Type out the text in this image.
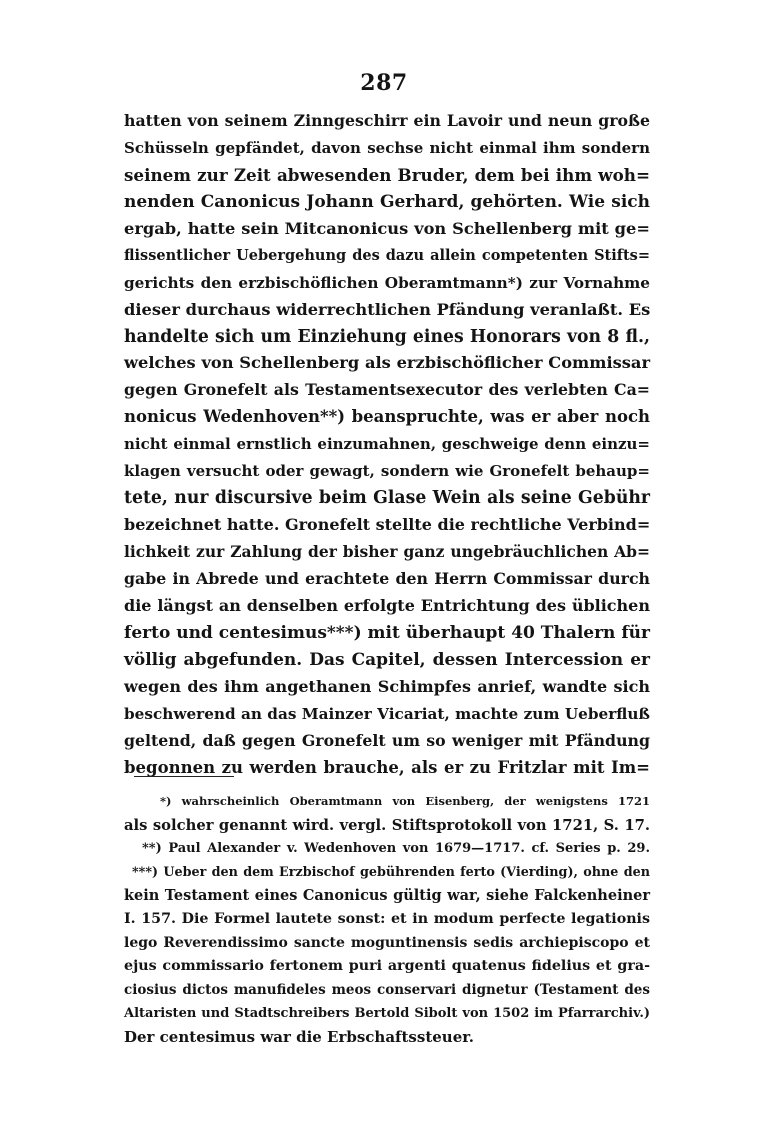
287
hatten von seinem Zinngeschirr ein Lavoir und neun große
Schüsseln gepfändet, davon sechse nicht einmal ihm sondern
seinem zur Zeit abwesenden Bruder, dem bei ihm woh=
nenden Canonicus Johann Gerhard, gehörten. Wie sich
ergab, hatte sein Mitcanonicus von Schellenberg mit ge=
flissentlicher Uebergehung des dazu allein competenten Stifts=
gerichts den erzbischöflichen Oberamtmann*) zur Vornahme
dieser durchaus widerrechtlichen Pfändung veranlaßt. Es
handelte sich um Einziehung eines Honorars von 8 fl.,
welches von Schellenberg als erzbischöflicher Commissar
gegen Gronefelt als Testamentsexecutor des verlebten Ca=
nonicus Wedenhoven**) beanspruchte, was er aber noch
nicht einmal ernstlich einzumahnen, geschweige denn einzu=
klagen versucht oder gewagt, sondern wie Gronefelt behaup=
tete, nur discursive beim Glase Wein als seine Gebühr
bezeichnet hatte. Gronefelt stellte die rechtliche Verbind=
lichkeit zur Zahlung der bisher ganz ungebräuchlichen Ab=
gabe in Abrede und erachtete den Herrn Commissar durch
die längst an denselben erfolgte Entrichtung des üblichen
ferto und centesimus***) mit überhaupt 40 Thalern für
völlig abgefunden. Das Capitel, dessen Intercession er
wegen des ihm angethanen Schimpfes anrief, wandte sich
beschwerend an das Mainzer Vicariat, machte zum Ueberfluß
geltend, daß gegen Gronefelt um so weniger mit Pfändung
begonnen zu werden brauche, als er zu Fritzlar mit Im=
*) wahrscheinlich Oberamtmann von Eisenberg, der wenigstens 1721
als solcher genannt wird. vergl. Stiftsprotokoll von 1721, S. 17.
**) Paul Alexander v. Wedenhoven von 1679—1717. cf. Series p. 29.
***) Ueber den dem Erzbischof gebührenden ferto (Vierding), ohne den
kein Testament eines Canonicus gültig war, siehe Falckenheiner
I. 157. Die Formel lautete sonst: et in modum perfecte legationis
lego Reverendissimo sancte moguntinensis sedis archiepiscopo et
ejus commissario fertonem puri argenti quatenus fidelius et gra-
ciosius dictos manufideles meos conservari dignetur (Testament des
Altaristen und Stadtschreibers Bertold Sibolt von 1502 im Pfarrarchiv.)
Der centesimus war die Erbschaftssteuer.
